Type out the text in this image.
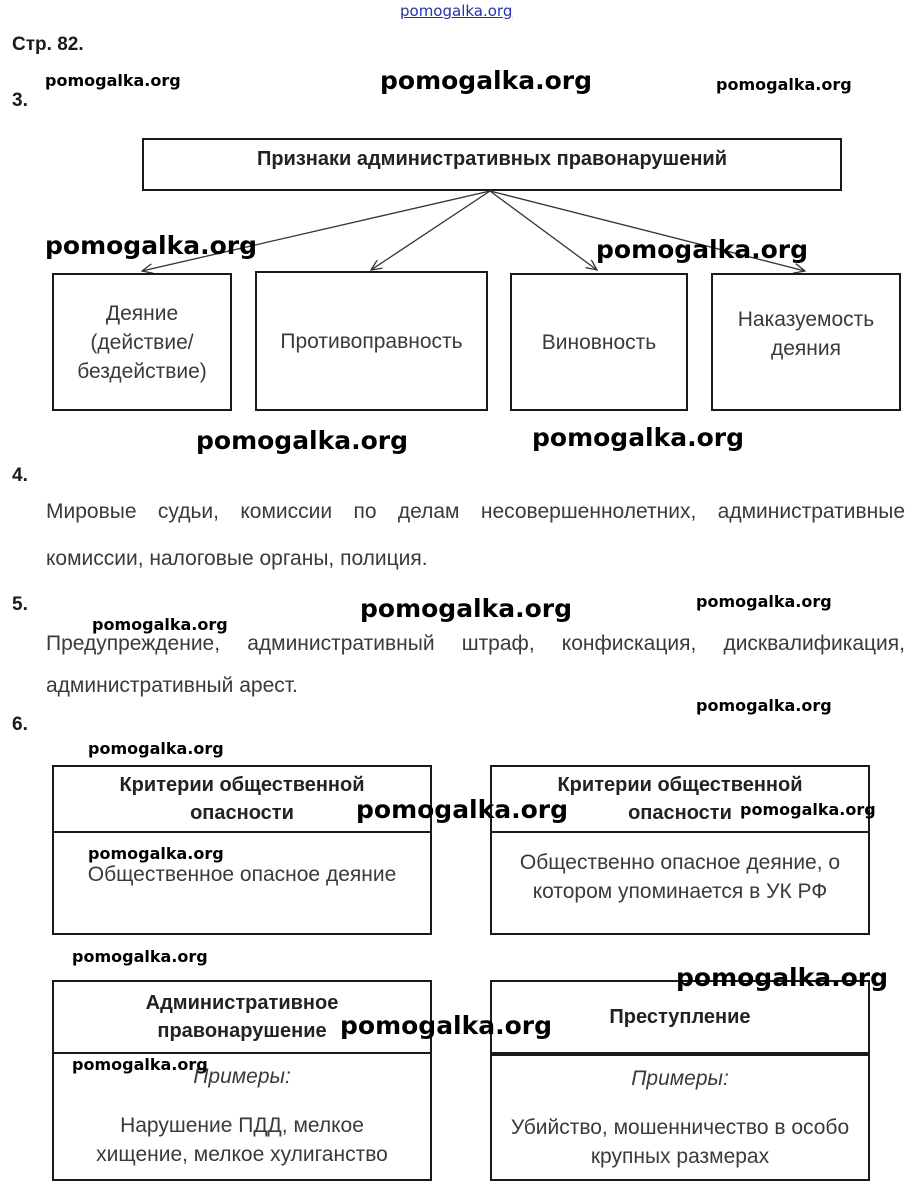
pomogalka.org
Стр. 82.
3.
Признаки административных правонарушений
Деяние (действие/ бездействие)
Противоправность	Виновность
Наказуемость деяния
4.
Мировые судьи, комиссии по делам несовершеннолетних, административные
комиссии, налоговые органы, полиция.
5.
Предупреждение, административный штраф, конфискация, дисквалификация,
административный арест.
6.
Критерии общественной опасности
Общественное опасное деяние
Критерии общественной опасности
Общественно опасное деяние, о котором упоминается в УК РФ
Административное правонарушение
Примеры:
Нарушение ПДД, мелкое хищение, мелкое хулиганство
Преступление
Примеры:
Убийство, мошенничество в особо крупных размерах
pomogalka.org	pomogalka.org	pomogalka.org
pomogalka.org	pomogalka.org
pomogalka.org	pomogalka.org
pomogalka.org
pomogalka.org	pomogalka.org
pomogalka.org
pomogalka.org
pomogalka.org	pomogalka.org
pomogalka.org
pomogalka.org
pomogalka.org
pomogalka.org
pomogalka.org
